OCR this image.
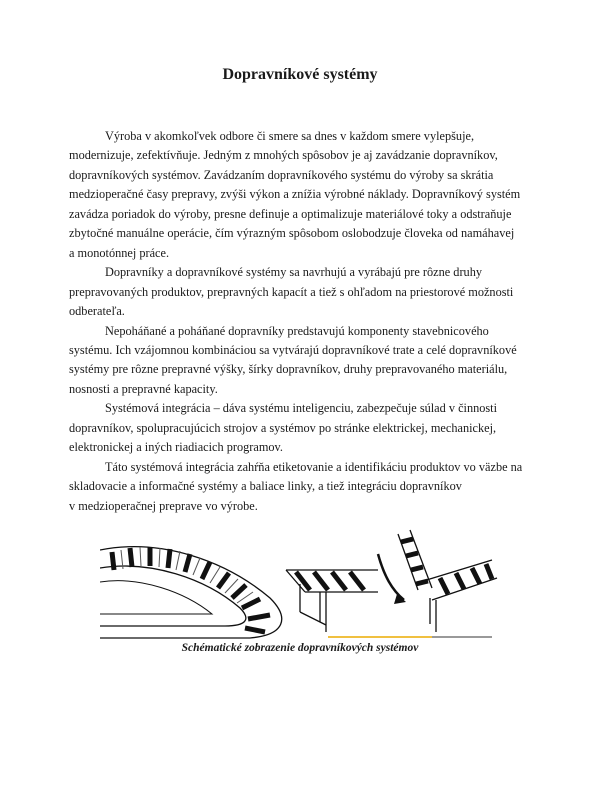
Dopravníkové systémy

Výroba v akomkoľvek odbore či smere sa dnes v každom smere vylepšuje,
modernizuje, zefektívňuje. Jedným z mnohých spôsobov je aj zavádzanie dopravníkov,
dopravníkových systémov. Zavádzaním dopravníkového systému do výroby sa skrátia
medzioperačné časy prepravy, zvýši výkon a znížia výrobné náklady. Dopravníkový systém
zavádza poriadok do výroby, presne definuje a optimalizuje materiálové toky a odstraňuje
zbytočné manuálne operácie, čím výrazným spôsobom oslobodzuje človeka od namáhavej
a monotónnej práce.

Dopravníky a dopravníkové systémy sa navrhujú a vyrábajú pre rôzne druhy
prepravovaných produktov, prepravných kapacít a tiež s ohľadom na priestorové možnosti
odberateľa.

Nepoháňané a poháňané dopravníky predstavujú komponenty stavebnicového
systému. Ich vzájomnou kombináciou sa vytvárajú dopravníkové trate a celé dopravníkové
systémy pre rôzne prepravné výšky, šírky dopravníkov, druhy prepravovaného materiálu,
nosnosti a prepravné kapacity.

Systémová integrácia – dáva systému inteligenciu, zabezpečuje súlad v činnosti
dopravníkov, spolupracujúcich strojov a systémov po stránke elektrickej, mechanickej,
elektronickej a iných riadiacich programov.

Táto systémová integrácia zahŕňa etiketovanie a identifikáciu produktov vo väzbe na
skladovacie a informačné systémy a baliace linky, a tiež integráciu dopravníkov
v medzioperačnej preprave vo výrobe.

Schématické zobrazenie dopravníkových systémov
